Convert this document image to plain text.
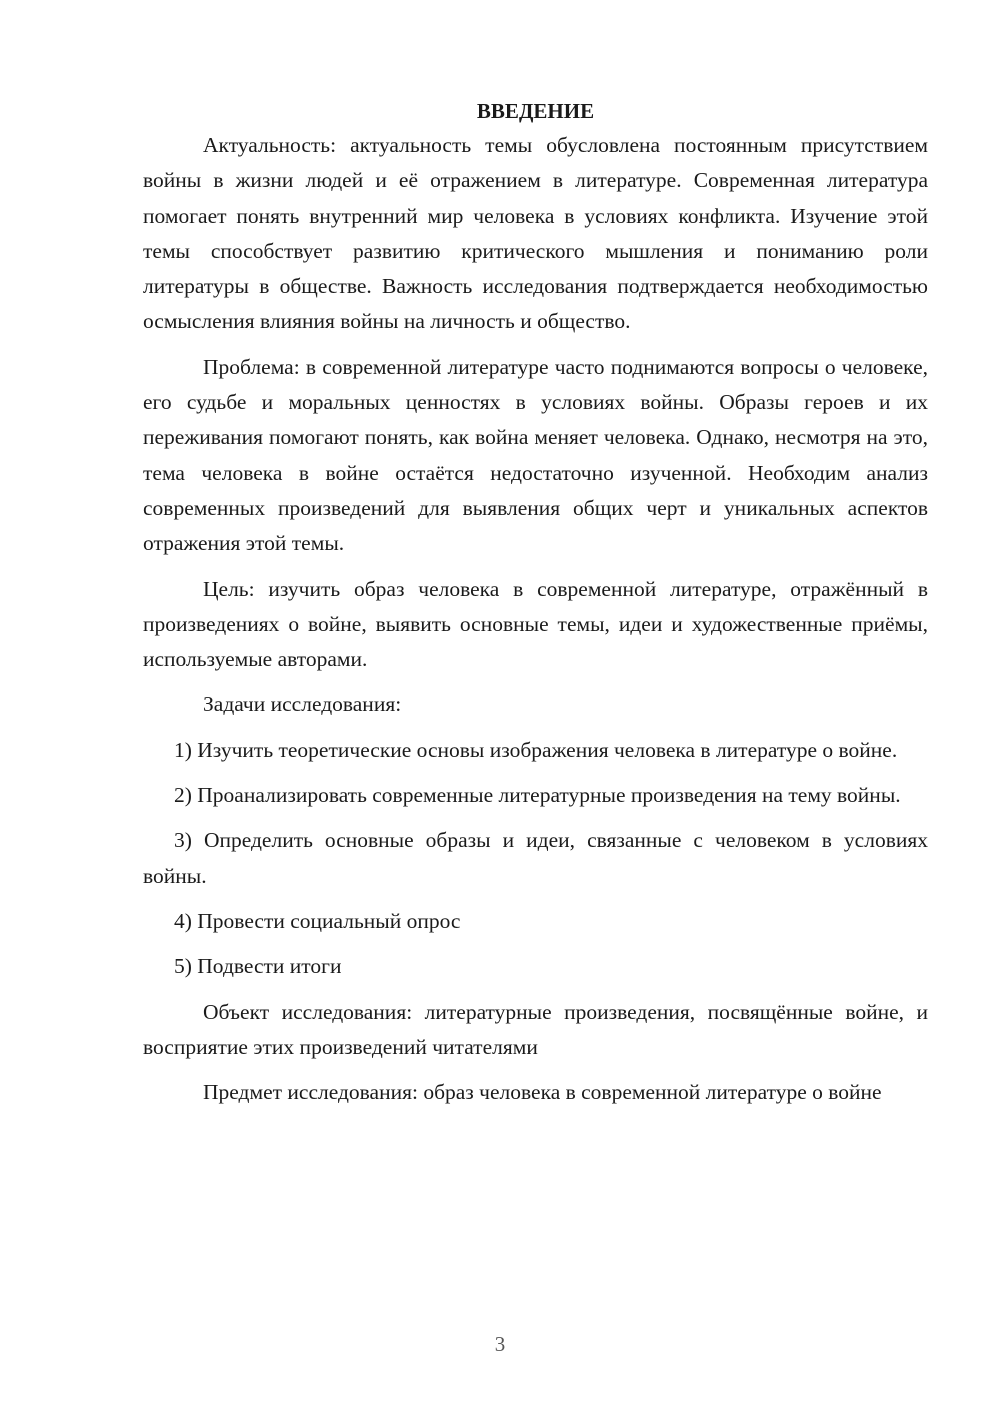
ВВЕДЕНИЕ

Актуальность: актуальность темы обусловлена постоянным присутствием войны в жизни людей и её отражением в литературе. Современная литература помогает понять внутренний мир человека в условиях конфликта. Изучение этой темы способствует развитию критического мышления и пониманию роли литературы в обществе. Важность исследования подтверждается необходимостью осмысления влияния войны на личность и общество.

Проблема: в современной литературе часто поднимаются вопросы о человеке, его судьбе и моральных ценностях в условиях войны. Образы героев и их переживания помогают понять, как война меняет человека. Однако, несмотря на это, тема человека в войне остаётся недостаточно изученной. Необходим анализ современных произведений для выявления общих черт и уникальных аспектов отражения этой темы.

Цель: изучить образ человека в современной литературе, отражённый в произведениях о войне, выявить основные темы, идеи и художественные приёмы, используемые авторами.

Задачи исследования:

1) Изучить теоретические основы изображения человека в литературе о войне.

2) Проанализировать современные литературные произведения на тему войны.

3) Определить основные образы и идеи, связанные с человеком в условиях войны.

4) Провести социальный опрос

5) Подвести итоги

Объект исследования: литературные произведения, посвящённые войне, и восприятие этих произведений читателями

Предмет исследования: образ человека в современной литературе о войне

3
